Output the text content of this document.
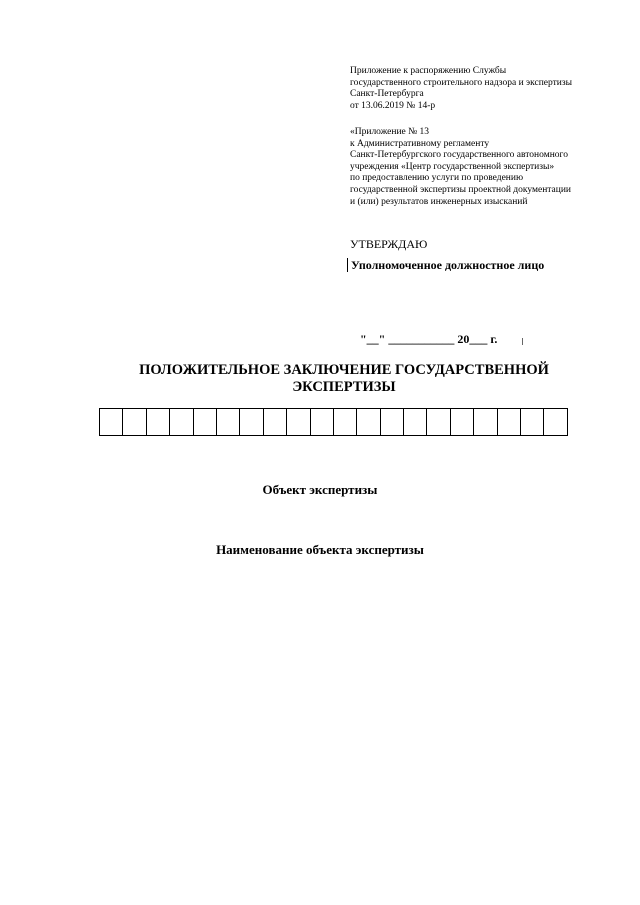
Приложение к распоряжению Службы
государственного строительного надзора и экспертизы
Санкт-Петербурга
от 13.06.2019 № 14-р
«Приложение № 13
к Административному регламенту
Санкт-Петербургского государственного автономного
учреждения «Центр государственной экспертизы»
по предоставлению услуги по проведению
государственной экспертизы проектной документации
и (или) результатов инженерных изысканий
УТВЕРЖДАЮ
Уполномоченное должностное лицо
"__" ___________ 20___ г.
ПОЛОЖИТЕЛЬНОЕ ЗАКЛЮЧЕНИЕ ГОСУДАРСТВЕННОЙ
ЭКСПЕРТИЗЫ
Объект экспертизы
Наименование объекта экспертизы
